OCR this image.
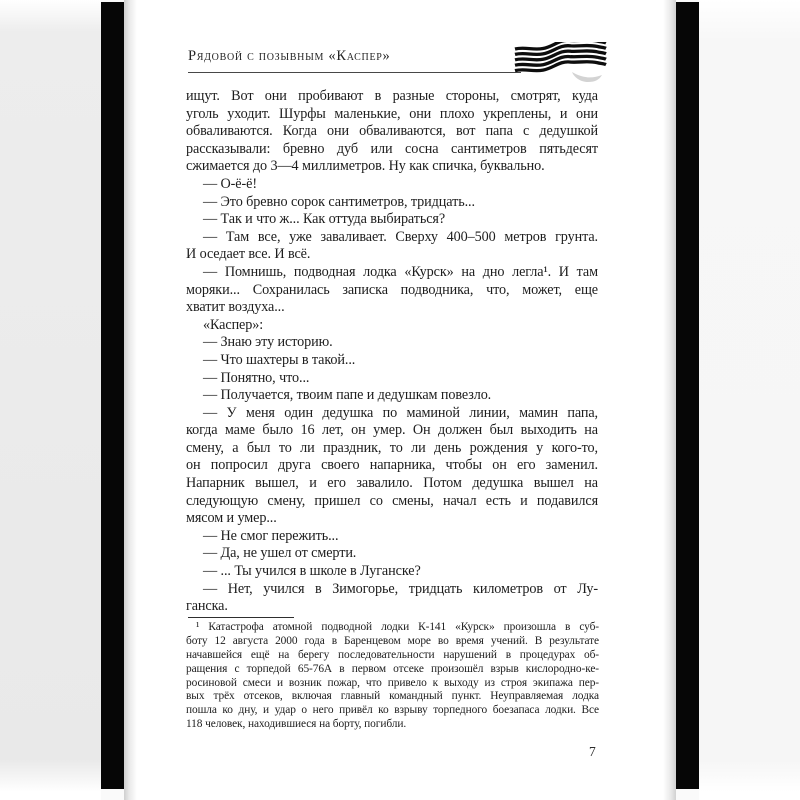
Рядовой с позывным «Каспер»
ищут. Вот они пробивают в разные стороны, смотрят, куда
уголь уходит. Шурфы маленькие, они плохо укреплены, и они
обваливаются. Когда они обваливаются, вот папа с дедушкой
рассказывали: бревно дуб или сосна сантиметров пятьдесят
сжимается до 3—4 миллиметров. Ну как спичка, буквально.
— О-ё-ё!
— Это бревно сорок сантиметров, тридцать...
— Так и что ж... Как оттуда выбираться?
— Там все, уже заваливает. Сверху 400–500 метров грунта.
И оседает все. И всё.
— Помнишь, подводная лодка «Курск» на дно легла¹. И там
моряки... Сохранилась записка подводника, что, может, еще
хватит воздуха...
«Каспер»:
— Знаю эту историю.
— Что шахтеры в такой...
— Понятно, что...
— Получается, твоим папе и дедушкам повезло.
— У меня один дедушка по маминой линии, мамин папа,
когда маме было 16 лет, он умер. Он должен был выходить на
смену, а был то ли праздник, то ли день рождения у кого-то,
он попросил друга своего напарника, чтобы он его заменил.
Напарник вышел, и его завалило. Потом дедушка вышел на
следующую смену, пришел со смены, начал есть и подавился
мясом и умер...
— Не смог пережить...
— Да, не ушел от смерти.
— ... Ты учился в школе в Луганске?
— Нет, учился в Зимогорье, тридцать километров от Лу-
ганска.
¹ Катастрофа атомной подводной лодки К-141 «Курск» произошла в суб-
боту 12 августа 2000 года в Баренцевом море во время учений. В результате
начавшейся ещё на берегу последовательности нарушений в процедурах об-
ращения с торпедой 65-76А в первом отсеке произошёл взрыв кислородно-ке-
росиновой смеси и возник пожар, что привело к выходу из строя экипажа пер-
вых трёх отсеков, включая главный командный пункт. Неуправляемая лодка
пошла ко дну, и удар о него привёл ко взрыву торпедного боезапаса лодки. Все
118 человек, находившиеся на борту, погибли.
7
